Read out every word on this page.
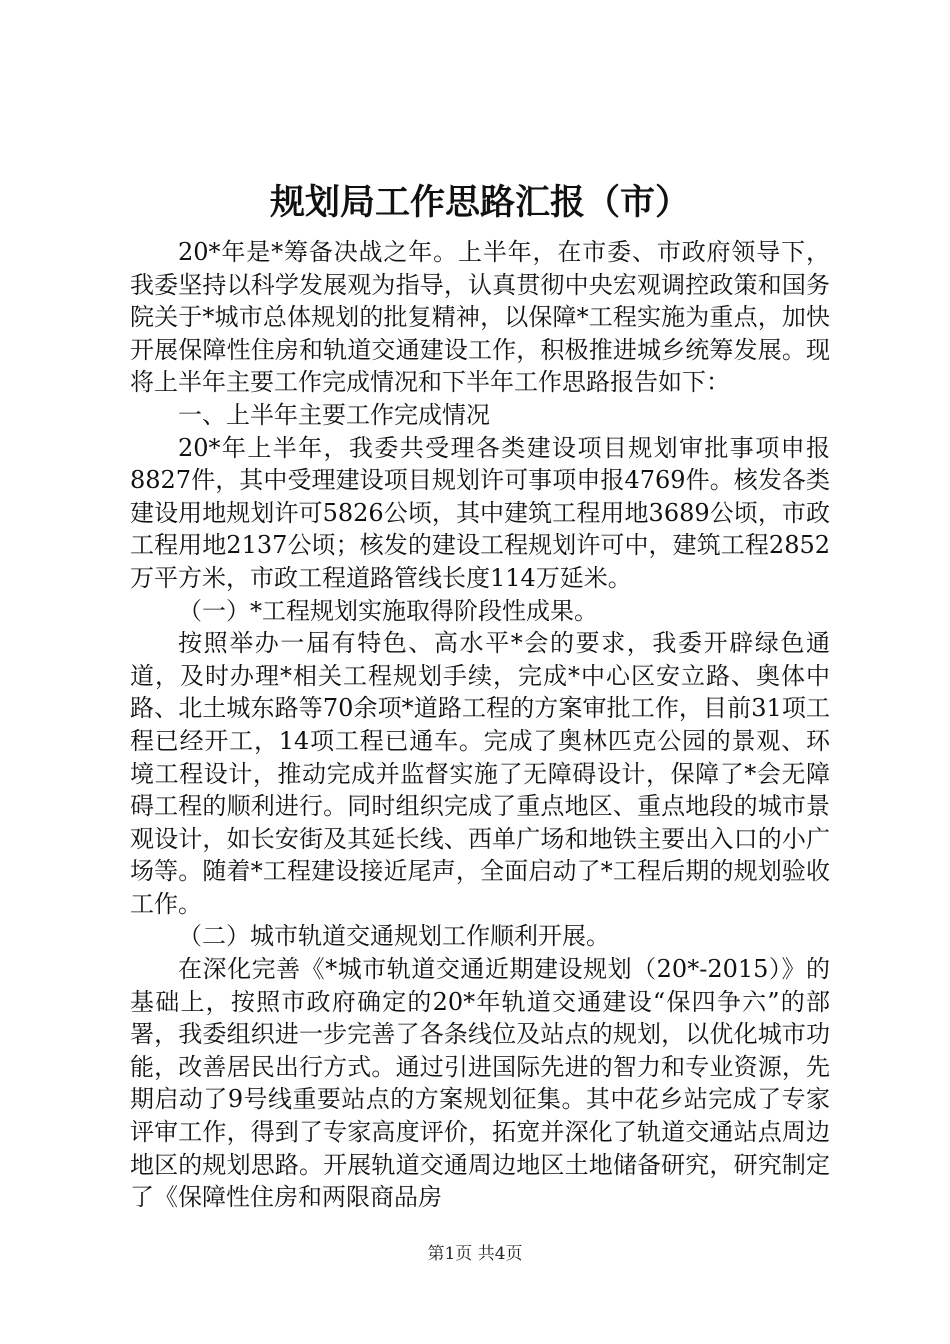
规划局工作思路汇报（市）

20*年是*筹备决战之年。上半年，在市委、市政府领导下，我委坚持以科学发展观为指导，认真贯彻中央宏观调控政策和国务院关于*城市总体规划的批复精神，以保障*工程实施为重点，加快开展保障性住房和轨道交通建设工作，积极推进城乡统筹发展。现将上半年主要工作完成情况和下半年工作思路报告如下：

一、上半年主要工作完成情况

20*年上半年，我委共受理各类建设项目规划审批事项申报8827件，其中受理建设项目规划许可事项申报4769件。核发各类建设用地规划许可5826公顷，其中建筑工程用地3689公顷，市政工程用地2137公顷；核发的建设工程规划许可中，建筑工程2852万平方米，市政工程道路管线长度114万延米。

（一）*工程规划实施取得阶段性成果。

按照举办一届有特色、高水平*会的要求，我委开辟绿色通道，及时办理*相关工程规划手续，完成*中心区安立路、奥体中路、北土城东路等70余项*道路工程的方案审批工作，目前31项工程已经开工，14项工程已通车。完成了奥林匹克公园的景观、环境工程设计，推动完成并监督实施了无障碍设计，保障了*会无障碍工程的顺利进行。同时组织完成了重点地区、重点地段的城市景观设计，如长安街及其延长线、西单广场和地铁主要出入口的小广场等。随着*工程建设接近尾声，全面启动了*工程后期的规划验收工作。

（二）城市轨道交通规划工作顺利开展。

在深化完善《*城市轨道交通近期建设规划（20*-2015）》的基础上，按照市政府确定的20*年轨道交通建设“保四争六”的部署，我委组织进一步完善了各条线位及站点的规划，以优化城市功能，改善居民出行方式。通过引进国际先进的智力和专业资源，先期启动了9号线重要站点的方案规划征集。其中花乡站完成了专家评审工作，得到了专家高度评价，拓宽并深化了轨道交通站点周边地区的规划思路。开展轨道交通周边地区土地储备研究，研究制定了《保障性住房和两限商品房

第1页 共4页
